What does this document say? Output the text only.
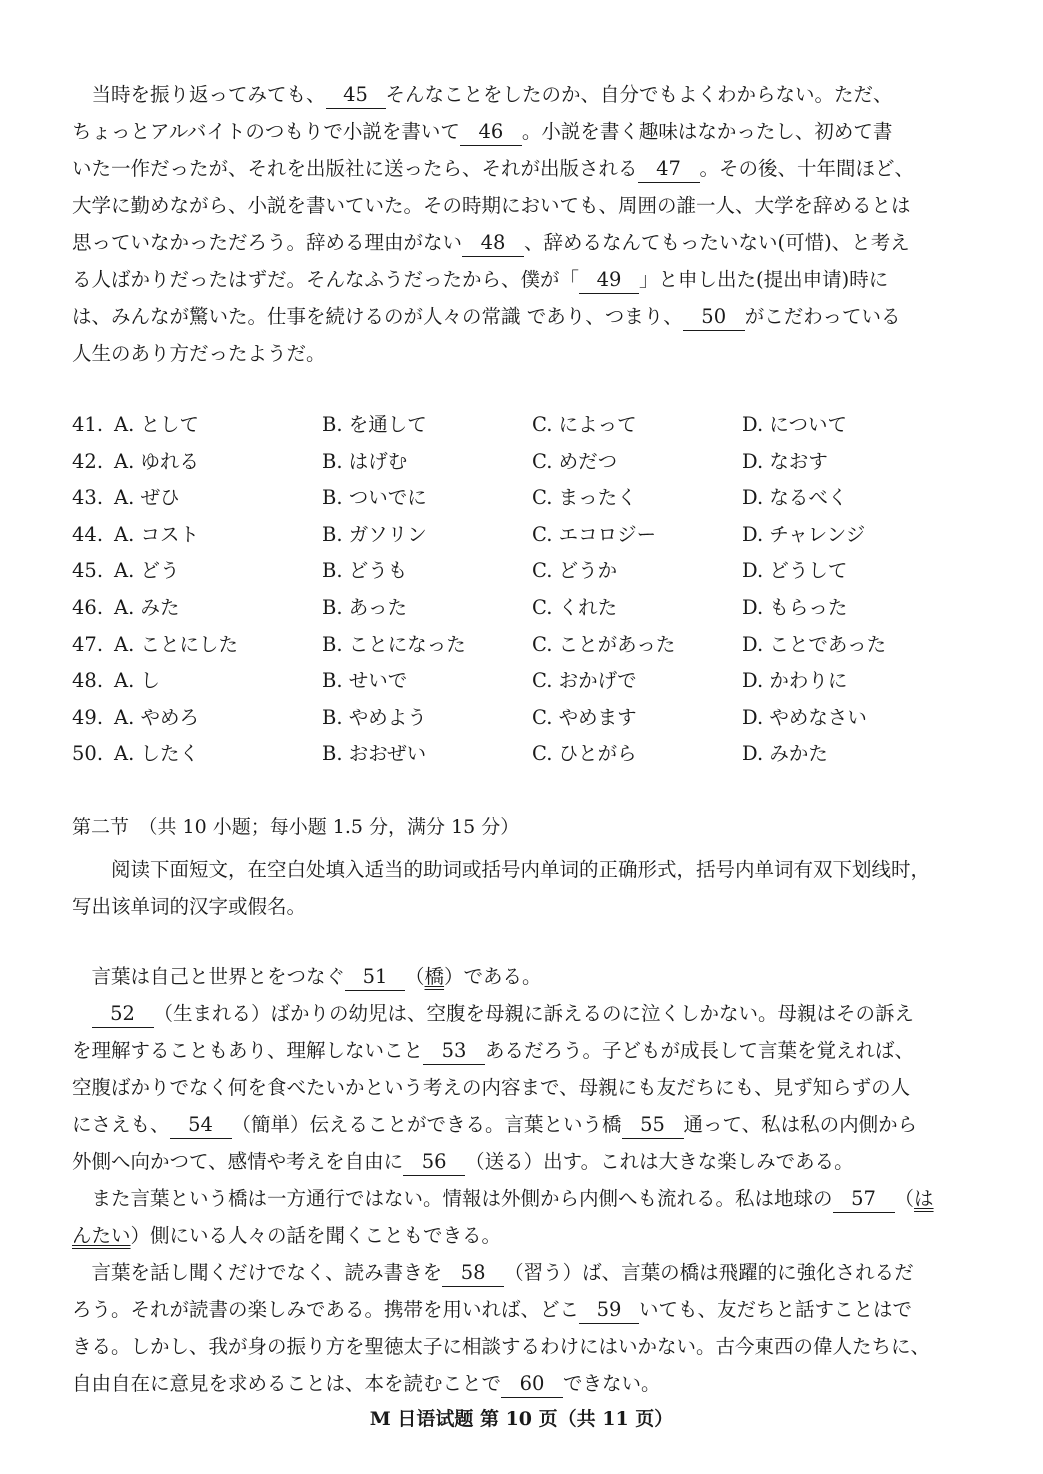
　当時を振り返ってみても、 45 そんなことをしたのか、自分でもよくわからない。ただ、
ちょっとアルバイトのつもりで小説を書いて 46 。小説を書く趣味はなかったし、初めて書
いた一作だったが、それを出版社に送ったら、それが出版される 47 。その後、十年間ほど、
大学に勤めながら、小説を書いていた。その時期においても、周囲の誰一人、大学を辞めるとは
思っていなかっただろう。辞める理由がない 48 、辞めるなんてもったいない(可惜)、と考え
る人ばかりだったはずだ。そんなふうだったから、僕が「 49 」と申し出た(提出申请)時に
は、みんなが驚いた。仕事を続けるのが人々の常識 であり、つまり、 50 がこだわっている
人生のあり方だったようだ。
41. A. として	B. を通して	C. によって	D. について
42. A. ゆれる	B. はげむ	C. めだつ	D. なおす
43. A. ぜひ	B. ついでに	C. まったく	D. なるべく
44. A. コスト	B. ガソリン	C. エコロジー	D. チャレンジ
45. A. どう	B. どうも	C. どうか	D. どうして
46. A. みた	B. あった	C. くれた	D. もらった
47. A. ことにした	B. ことになった	C. ことがあった	D. ことであった
48. A. し	B. せいで	C. おかげで	D. かわりに
49. A. やめろ	B. やめよう	C. やめます	D. やめなさい
50. A. したく	B. おおぜい	C. ひとがら	D. みかた
第二节　（共 10 小题；每小题 1.5 分，满分 15 分）
　　阅读下面短文，在空白处填入适当的助词或括号内单词的正确形式，括号内单词有双下划线时，
写出该单词的汉字或假名。
　言葉は自己と世界とをつなぐ 51 （橋）である。
　52 （生まれる）ばかりの幼児は、空腹を母親に訴えるのに泣くしかない。母親はその訴え
を理解することもあり、理解しないこと 53 あるだろう。子どもが成長して言葉を覚えれば、
空腹ばかりでなく何を食べたいかという考えの内容まで、母親にも友だちにも、見ず知らずの人
にさえも、 54 （簡単）伝えることができる。言葉という橋 55 通って、私は私の内側から
外側へ向かつて、感情や考えを自由に 56 （送る）出す。これは大きな楽しみである。
　また言葉という橋は一方通行ではない。情報は外側から内側へも流れる。私は地球の 57 （は
んたい）側にいる人々の話を聞くこともできる。
　言葉を話し聞くだけでなく、読み書きを 58 （習う）ば、言葉の橋は飛躍的に強化されるだ
ろう。それが読書の楽しみである。携帯を用いれば、どこ 59 いても、友だちと話すことはで
きる。しかし、我が身の振り方を聖徳太子に相談するわけにはいかない。古今東西の偉人たちに、
自由自在に意見を求めることは、本を読むことで 60 できない。
M 日语试题 第 10 页（共 11 页）
